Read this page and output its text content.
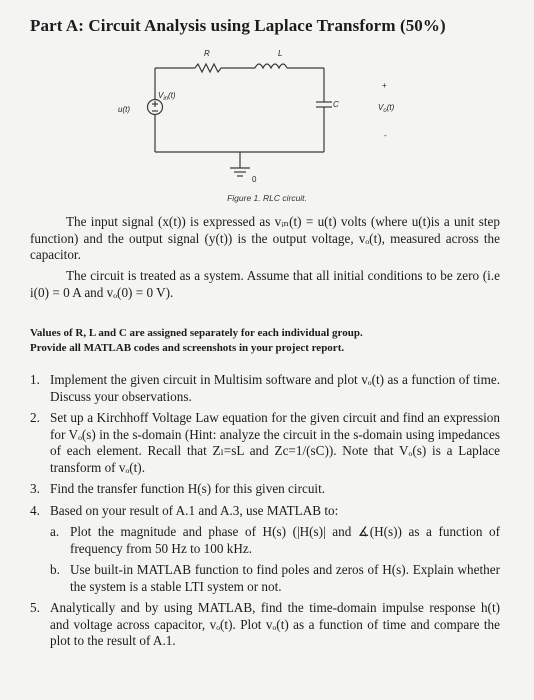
Part A: Circuit Analysis using Laplace Transform (50%)
R	L
C
$V_{in}(t)$
u(t)	$V_o(t)$
+
-
0
Figure 1. RLC circuit.
The input signal (x(t)) is expressed as vᵢₙ(t) = u(t) volts (where u(t)is a unit step function) and the output signal (y(t)) is the output voltage, vₒ(t), measured across the capacitor.
The circuit is treated as a system. Assume that all initial conditions to be zero (i.e i(0) = 0 A and vₒ(0) = 0 V).
Values of R, L and C are assigned separately for each individual group.
Provide all MATLAB codes and screenshots in your project report.
1. Implement the given circuit in Multisim software and plot vₒ(t) as a function of time. Discuss your observations.
2. Set up a Kirchhoff Voltage Law equation for the given circuit and find an expression for Vₒ(s) in the s-domain (Hint: analyze the circuit in the s-domain using impedances of each element. Recall that Zₗ=sL and Zc=1/(sC)). Note that Vₒ(s) is a Laplace transform of vₒ(t).
3. Find the transfer function H(s) for this given circuit.
4. Based on your result of A.1 and A.3, use MATLAB to:
a. Plot the magnitude and phase of H(s) (|H(s)| and ∡(H(s)) as a function of frequency from 50 Hz to 100 kHz.
b. Use built-in MATLAB function to find poles and zeros of H(s). Explain whether the system is a stable LTI system or not.
5. Analytically and by using MATLAB, find the time-domain impulse response h(t) and voltage across capacitor, vₒ(t). Plot vₒ(t) as a function of time and compare the plot to the result of A.1.
